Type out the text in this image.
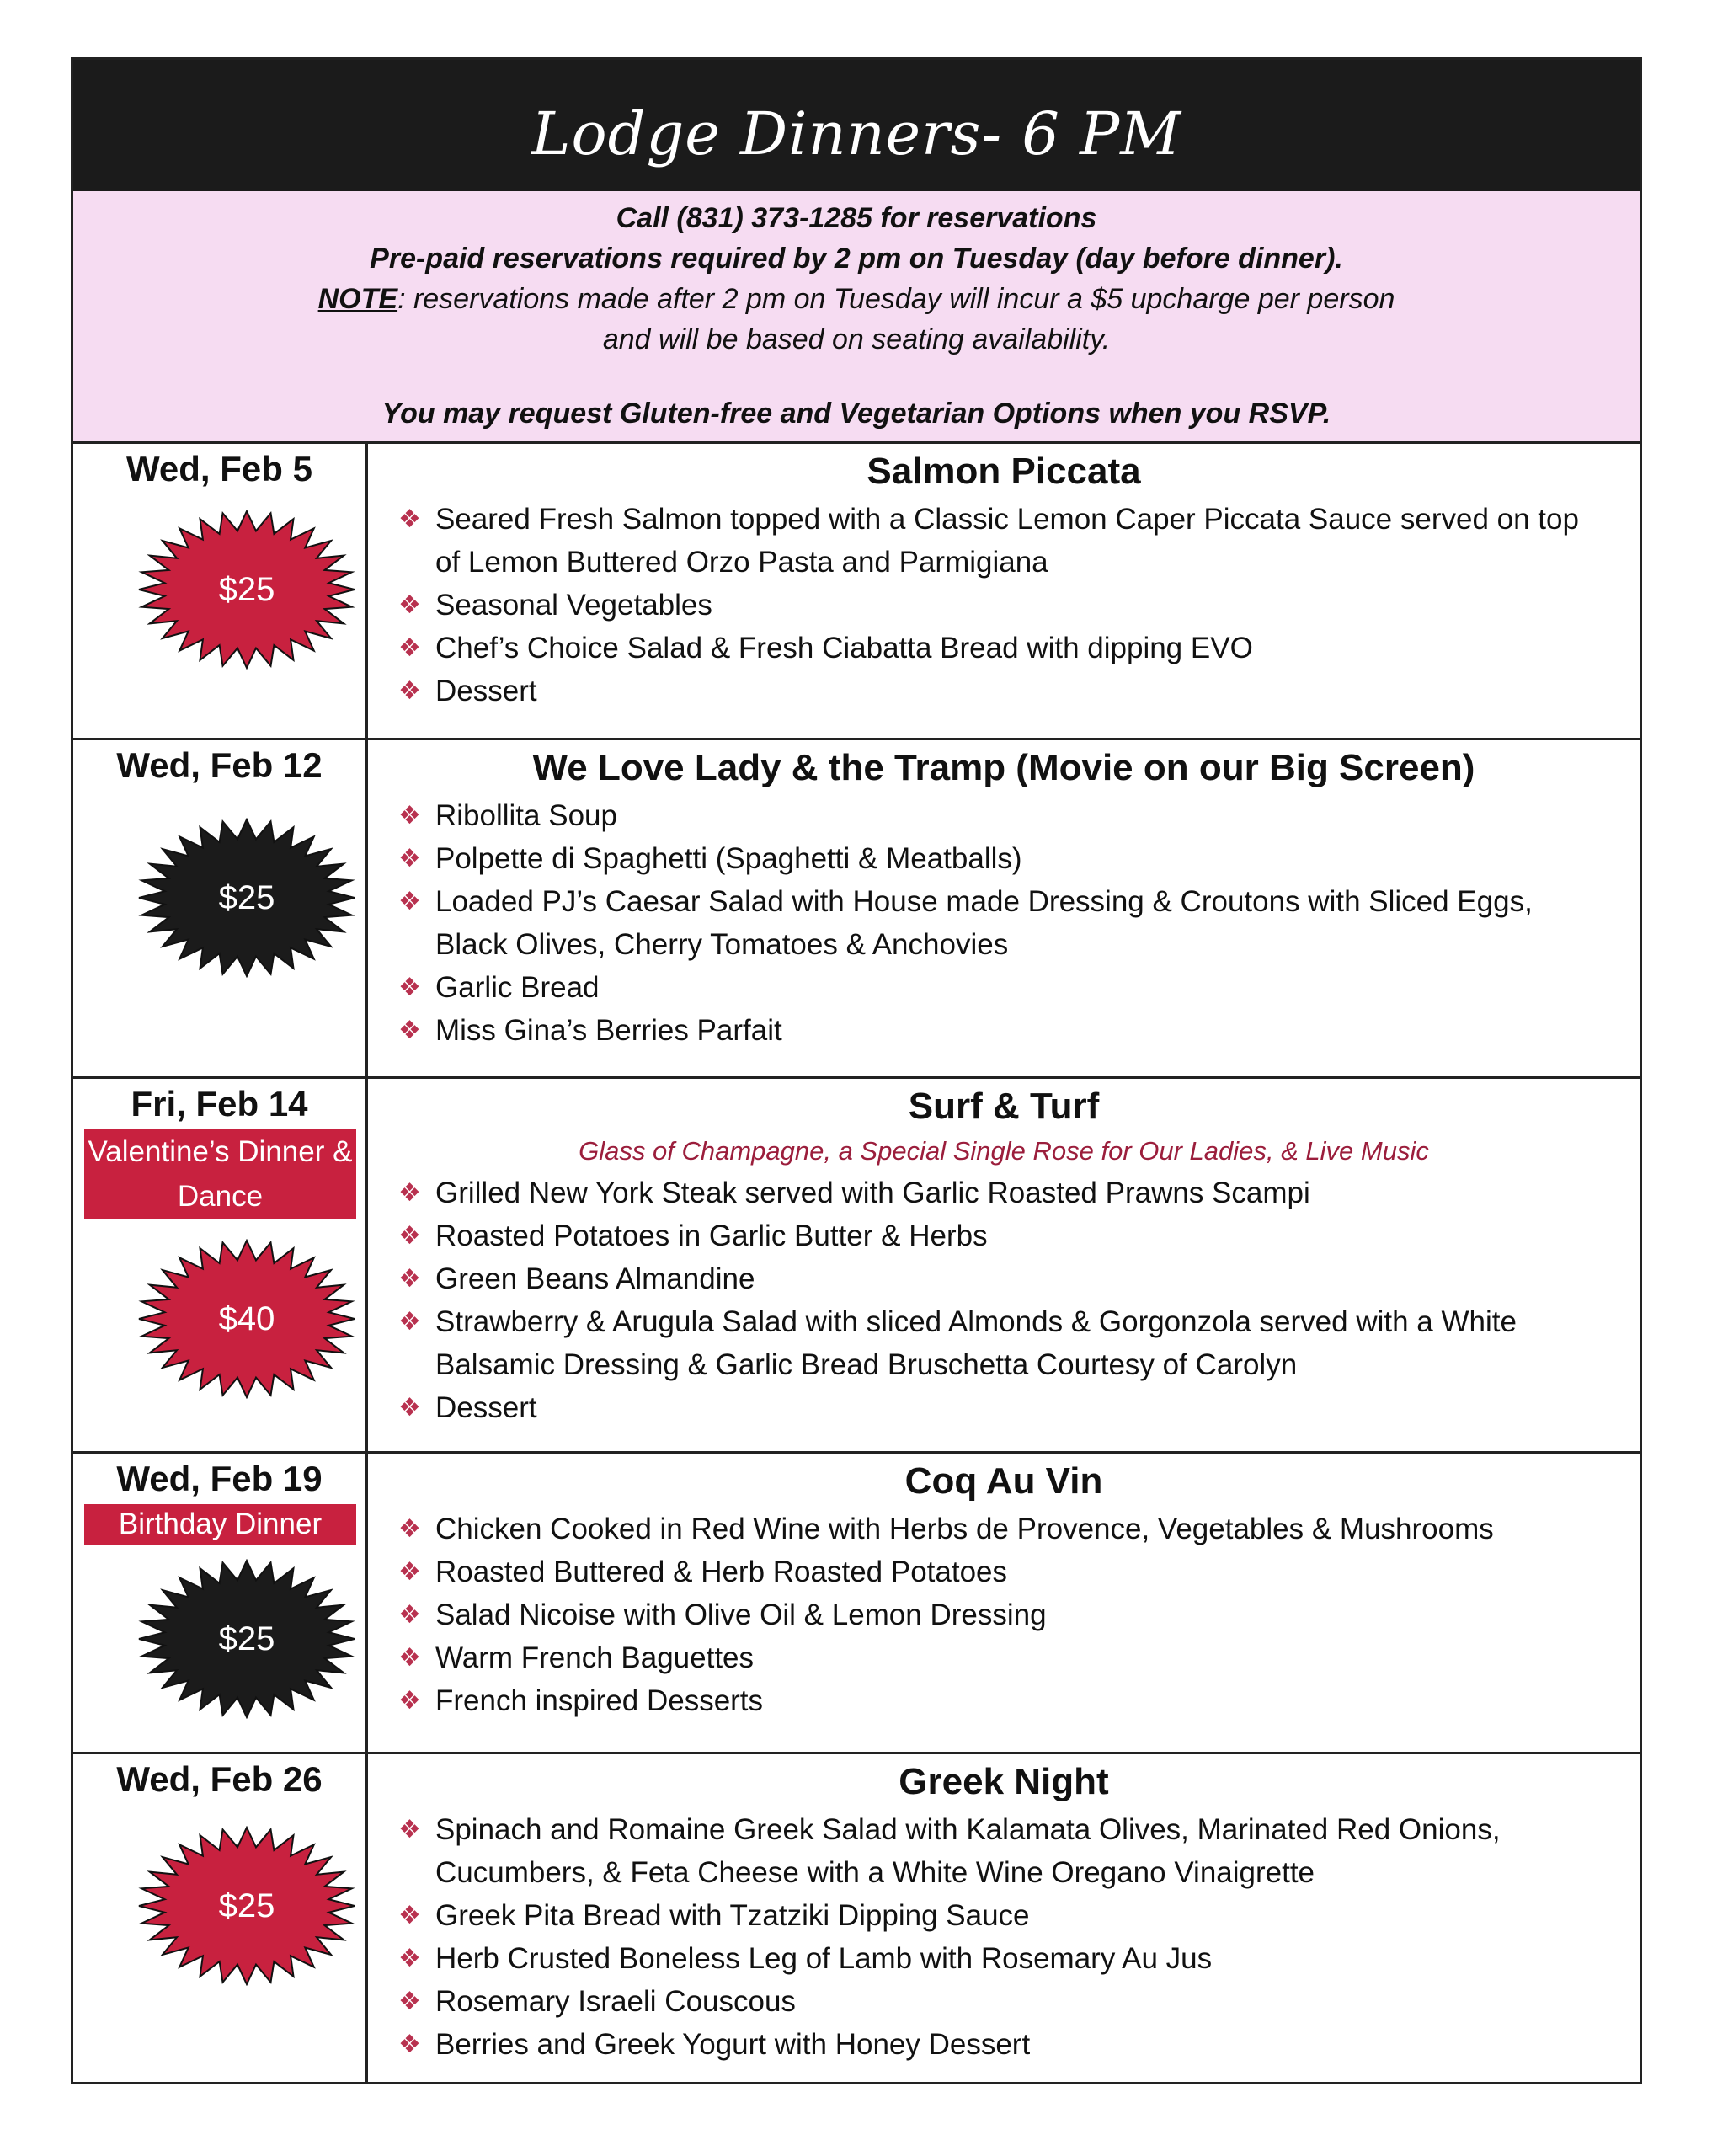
Lodge Dinners- 6 PM
Call (831) 373-1285 for reservations
Pre-paid reservations required by 2 pm on Tuesday (day before dinner).
NOTE: reservations made after 2 pm on Tuesday will incur a $5 upcharge per person
and will be based on seating availability.
You may request Gluten-free and Vegetarian Options when you RSVP.
Wed, Feb 5
$25
Salmon Piccata
❖ Seared Fresh Salmon topped with a Classic Lemon Caper Piccata Sauce served on top of Lemon Buttered Orzo Pasta and Parmigiana
❖ Seasonal Vegetables
❖ Chef’s Choice Salad & Fresh Ciabatta Bread with dipping EVO
❖ Dessert
Wed, Feb 12
$25
We Love Lady & the Tramp (Movie on our Big Screen)
❖ Ribollita Soup
❖ Polpette di Spaghetti (Spaghetti & Meatballs)
❖ Loaded PJ’s Caesar Salad with House made Dressing & Croutons with Sliced Eggs, Black Olives, Cherry Tomatoes & Anchovies
❖ Garlic Bread
❖ Miss Gina’s Berries Parfait
Fri, Feb 14
Valentine’s Dinner & Dance
$40
Surf & Turf
Glass of Champagne, a Special Single Rose for Our Ladies, & Live Music
❖ Grilled New York Steak served with Garlic Roasted Prawns Scampi
❖ Roasted Potatoes in Garlic Butter & Herbs
❖ Green Beans Almandine
❖ Strawberry & Arugula Salad with sliced Almonds & Gorgonzola served with a White Balsamic Dressing & Garlic Bread Bruschetta Courtesy of Carolyn
❖ Dessert
Wed, Feb 19
Birthday Dinner
$25
Coq Au Vin
❖ Chicken Cooked in Red Wine with Herbs de Provence, Vegetables & Mushrooms
❖ Roasted Buttered & Herb Roasted Potatoes
❖ Salad Nicoise with Olive Oil & Lemon Dressing
❖ Warm French Baguettes
❖ French inspired Desserts
Wed, Feb 26
$25
Greek Night
❖ Spinach and Romaine Greek Salad with Kalamata Olives, Marinated Red Onions, Cucumbers, & Feta Cheese with a White Wine Oregano Vinaigrette
❖ Greek Pita Bread with Tzatziki Dipping Sauce
❖ Herb Crusted Boneless Leg of Lamb with Rosemary Au Jus
❖ Rosemary Israeli Couscous
❖ Berries and Greek Yogurt with Honey Dessert
